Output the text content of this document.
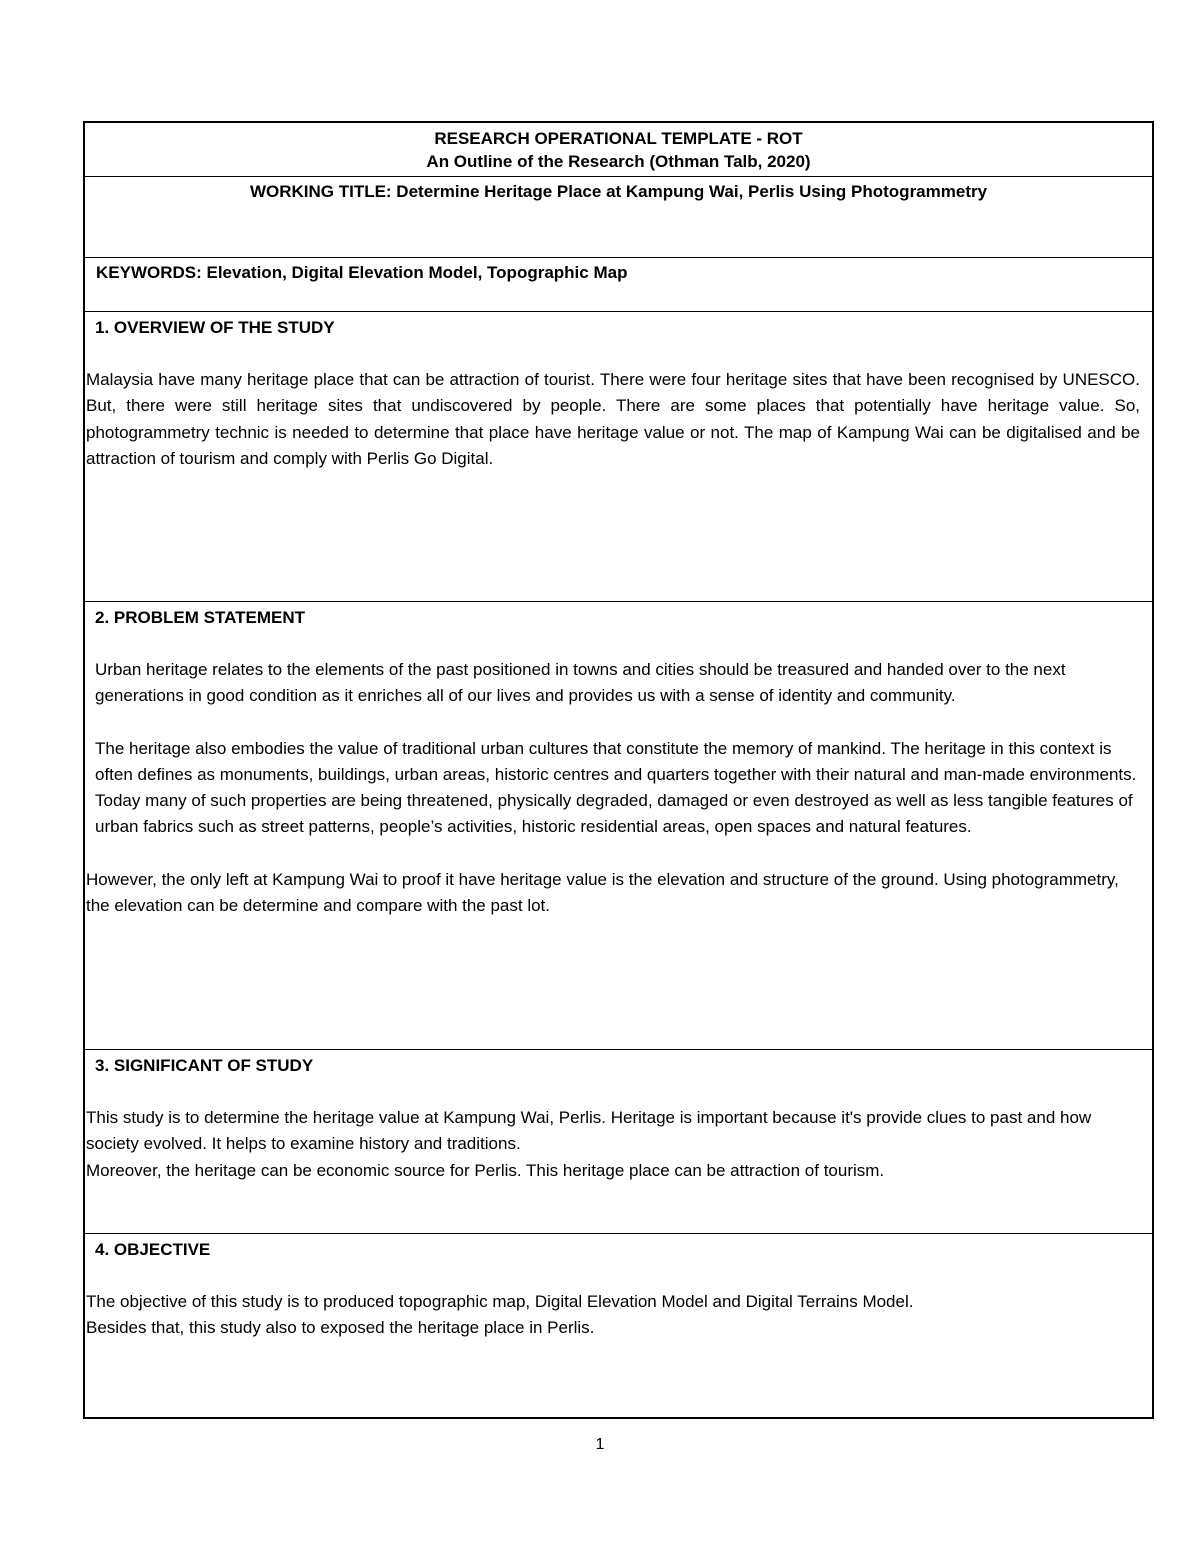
RESEARCH OPERATIONAL TEMPLATE - ROT
An Outline of the Research (Othman Talb, 2020)
WORKING TITLE: Determine Heritage Place at Kampung Wai, Perlis Using Photogrammetry
KEYWORDS: Elevation, Digital Elevation Model, Topographic Map
1. OVERVIEW OF THE STUDY

Malaysia have many heritage place that can be attraction of tourist. There were four heritage sites that have been recognised by UNESCO. But, there were still heritage sites that undiscovered by people. There are some places that potentially have heritage value. So, photogrammetry technic is needed to determine that place have heritage value or not. The map of Kampung Wai can be digitalised and be attraction of tourism and comply with Perlis Go Digital.

2. PROBLEM STATEMENT

Urban heritage relates to the elements of the past positioned in towns and cities should be treasured and handed over to the next generations in good condition as it enriches all of our lives and provides us with a sense of identity and community.

The heritage also embodies the value of traditional urban cultures that constitute the memory of mankind. The heritage in this context is often defines as monuments, buildings, urban areas, historic centres and quarters together with their natural and man-made environments. Today many of such properties are being threatened, physically degraded, damaged or even destroyed as well as less tangible features of urban fabrics such as street patterns, people’s activities, historic residential areas, open spaces and natural features.

However, the only left at Kampung Wai to proof it have heritage value is the elevation and structure of the ground. Using photogrammetry, the elevation can be determine and compare with the past lot.

3. SIGNIFICANT OF STUDY

This study is to determine the heritage value at Kampung Wai, Perlis. Heritage is important because it's provide clues to past and how society evolved. It helps to examine history and traditions.

Moreover, the heritage can be economic source for Perlis. This heritage place can be attraction of tourism.

4. OBJECTIVE

The objective of this study is to produced topographic map, Digital Elevation Model and Digital Terrains Model.

Besides that, this study also to exposed the heritage place in Perlis.

1
